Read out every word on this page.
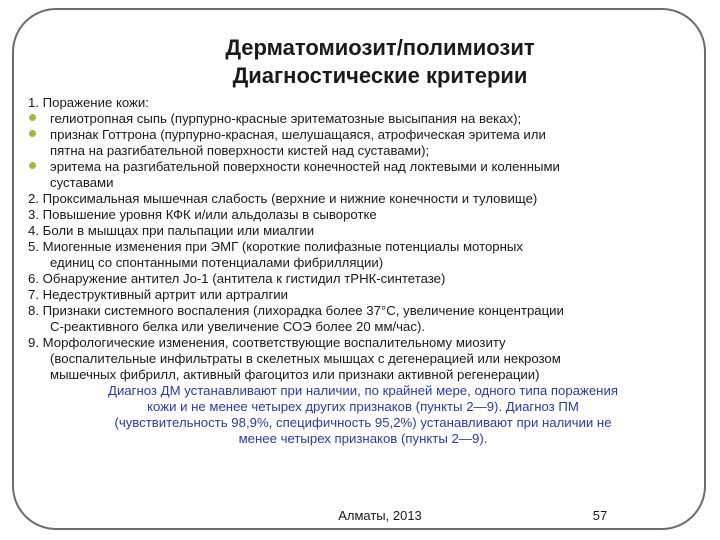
Дерматомиозит/полимиозит
Диагностические критерии
1. Поражение кожи:
гелиотропная сыпь (пурпурно-красные эритематозные высыпания на веках);
признак Готтрона (пурпурно-красная, шелушащаяся, атрофическая эритема или
пятна на разгибательной поверхности кистей над суставами);
эритема на разгибательной поверхности конечностей над локтевыми и коленными
суставами
2. Проксимальная мышечная слабость (верхние и нижние конечности и туловище)
3. Повышение уровня КФК и/или альдолазы в сыворотке
4. Боли в мышцах при пальпации или миалгии
5. Миогенные изменения при ЭМГ (короткие полифазные потенциалы моторных
единиц со спонтанными потенциалами фибрилляции)
6. Обнаружение антител Jo-1 (антитела к гистидил тРНК-синтетазе)
7. Недеструктивный артрит или артралгии
8. Признаки системного воспаления (лихорадка более 37°С, увеличение концентрации
С-реактивного белка или увеличение СОЭ более 20 мм/час).
9. Морфологические изменения, соответствующие воспалительному миозиту
(воспалительные инфильтраты в скелетных мышцах с дегенерацией или некрозом
мышечных фибрилл, активный фагоцитоз или признаки активной регенерации)
Диагноз ДМ устанавливают при наличии, по крайней мере, одного типа поражения
кожи и не менее четырех других признаков (пункты 2—9). Диагноз ПМ
(чувствительность 98,9%, специфичность 95,2%) устанавливают при наличии не
менее четырех признаков (пункты 2—9).
Алматы, 2013	57
